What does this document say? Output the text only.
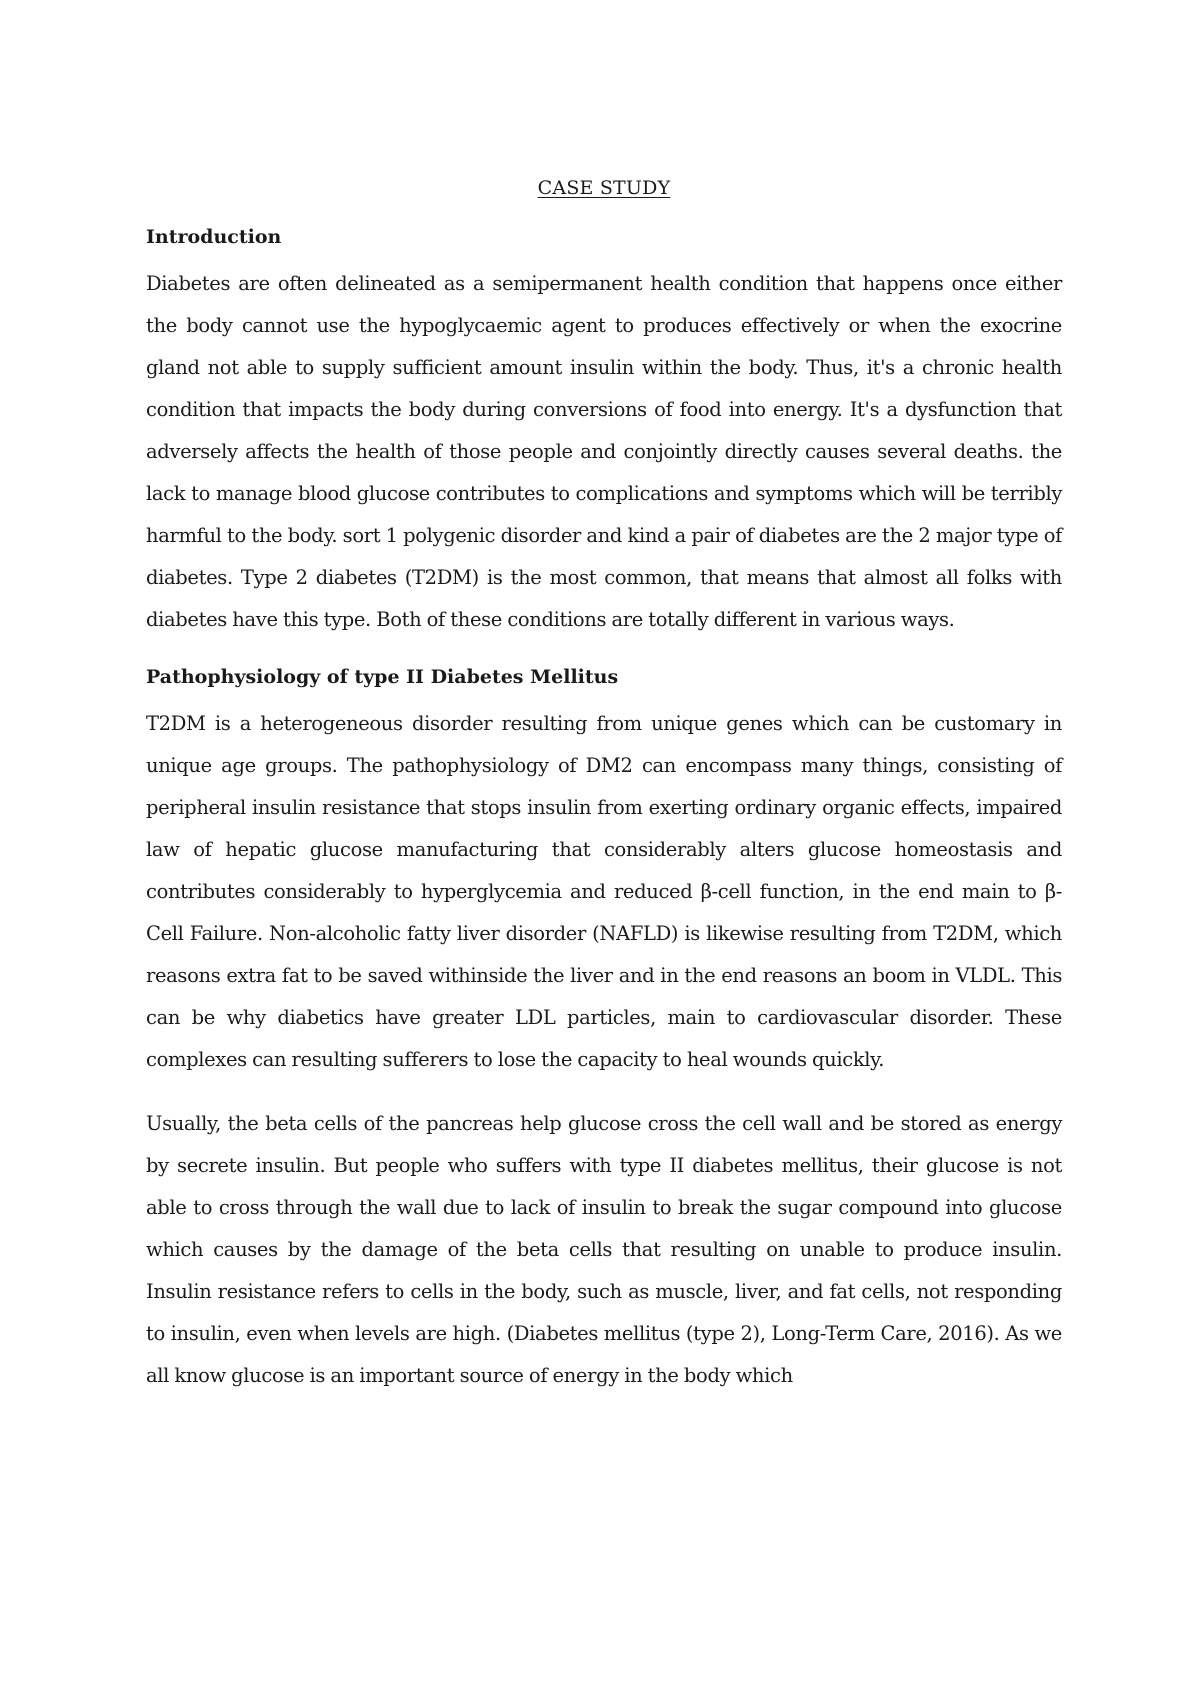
CASE STUDY

Introduction

Diabetes are often delineated as a semipermanent health condition that happens once either the body cannot use the hypoglycaemic agent to produces effectively or when the exocrine gland not able to supply sufficient amount insulin within the body. Thus, it's a chronic health condition that impacts the body during conversions of food into energy. It's a dysfunction that adversely affects the health of those people and conjointly directly causes several deaths. the lack to manage blood glucose contributes to complications and symptoms which will be terribly harmful to the body. sort 1 polygenic disorder and kind a pair of diabetes are the 2 major type of diabetes. Type 2 diabetes (T2DM) is the most common, that means that almost all folks with diabetes have this type. Both of these conditions are totally different in various ways.

Pathophysiology of type II Diabetes Mellitus

T2DM is a heterogeneous disorder resulting from unique genes which can be customary in unique age groups. The pathophysiology of DM2 can encompass many things, consisting of peripheral insulin resistance that stops insulin from exerting ordinary organic effects, impaired law of hepatic glucose manufacturing that considerably alters glucose homeostasis and contributes considerably to hyperglycemia and reduced β-cell function, in the end main to β- Cell Failure. Non-alcoholic fatty liver disorder (NAFLD) is likewise resulting from T2DM, which reasons extra fat to be saved withinside the liver and in the end reasons an boom in VLDL. This can be why diabetics have greater LDL particles, main to cardiovascular disorder. These complexes can resulting sufferers to lose the capacity to heal wounds quickly.

Usually, the beta cells of the pancreas help glucose cross the cell wall and be stored as energy by secrete insulin. But people who suffers with type II diabetes mellitus, their glucose is not able to cross through the wall due to lack of insulin to break the sugar compound into glucose which causes by the damage of the beta cells that resulting on unable to produce insulin. Insulin resistance refers to cells in the body, such as muscle, liver, and fat cells, not responding to insulin, even when levels are high. (Diabetes mellitus (type 2), Long-Term Care, 2016). As we all know glucose is an important source of energy in the body which
